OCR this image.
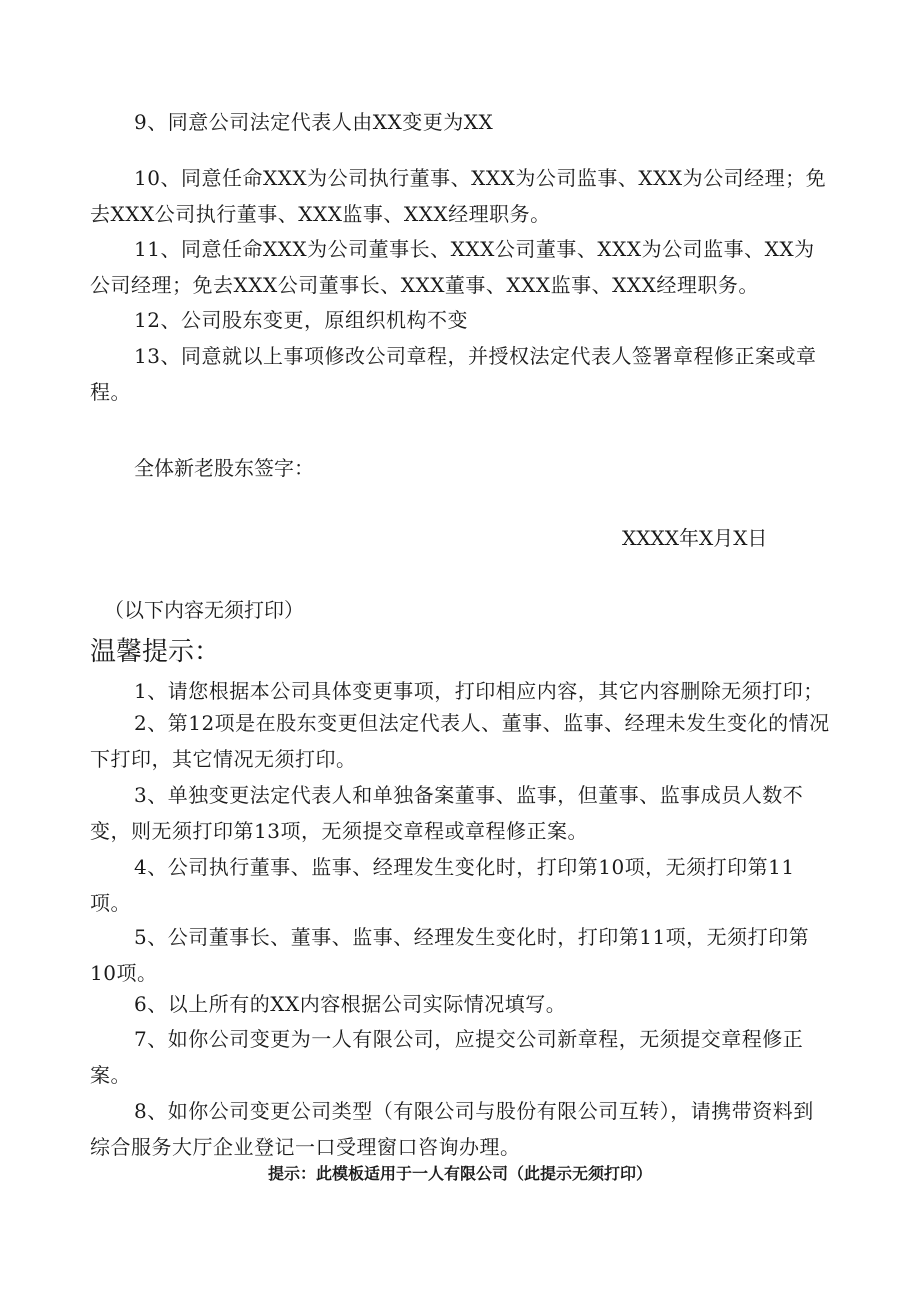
9、同意公司法定代表人由XX变更为XX

10、同意任命XXX为公司执行董事、XXX为公司监事、XXX为公司经理；免去XXX公司执行董事、XXX监事、XXX经理职务。

11、同意任命XXX为公司董事长、XXX公司董事、XXX为公司监事、XX为公司经理；免去XXX公司董事长、XXX董事、XXX监事、XXX经理职务。

12、公司股东变更，原组织机构不变

13、同意就以上事项修改公司章程，并授权法定代表人签署章程修正案或章程。

全体新老股东签字：

XXXX年X月X日

（以下内容无须打印）

温馨提示：

1、请您根据本公司具体变更事项，打印相应内容，其它内容删除无须打印；

2、第12项是在股东变更但法定代表人、董事、监事、经理未发生变化的情况下打印，其它情况无须打印。

3、单独变更法定代表人和单独备案董事、监事，但董事、监事成员人数不变，则无须打印第13项，无须提交章程或章程修正案。

4、公司执行董事、监事、经理发生变化时，打印第10项，无须打印第11项。

5、公司董事长、董事、监事、经理发生变化时，打印第11项，无须打印第10项。

6、以上所有的XX内容根据公司实际情况填写。

7、如你公司变更为一人有限公司，应提交公司新章程，无须提交章程修正案。

8、如你公司变更公司类型（有限公司与股份有限公司互转），请携带资料到综合服务大厅企业登记一口受理窗口咨询办理。

提示：此模板适用于一人有限公司（此提示无须打印）
